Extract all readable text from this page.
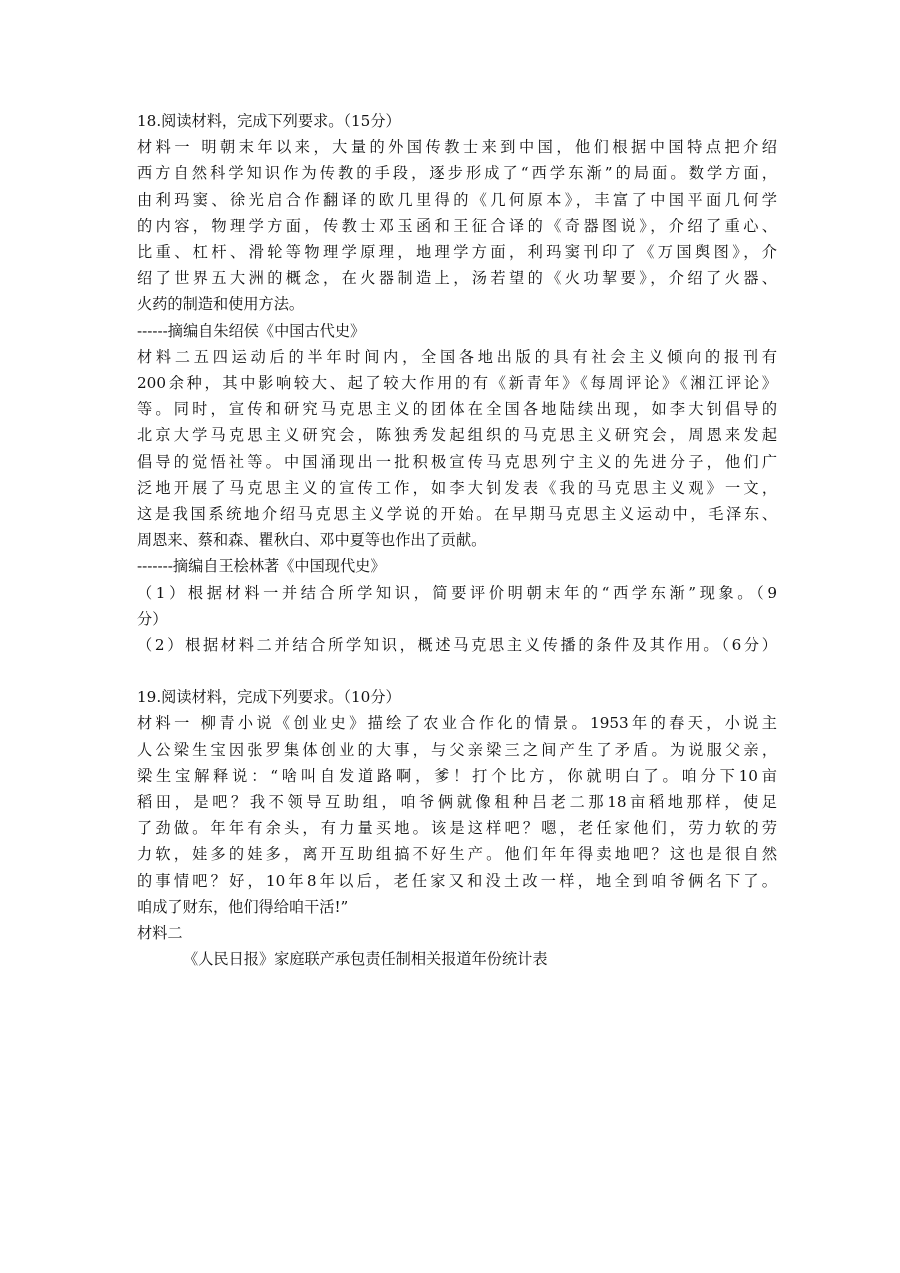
18.阅读材料，完成下列要求。（15分）
材料一 明朝末年以来，大量的外国传教士来到中国，他们根据中国特点把介绍
西方自然科学知识作为传教的手段，逐步形成了“西学东渐”的局面。数学方面，
由利玛窦、徐光启合作翻译的欧几里得的《几何原本》，丰富了中国平面几何学
的内容，物理学方面，传教士邓玉函和王征合译的《奇器图说》，介绍了重心、
比重、杠杆、滑轮等物理学原理，地理学方面，利玛窦刊印了《万国舆图》，介
绍了世界五大洲的概念，在火器制造上，汤若望的《火功挈要》，介绍了火器、
火药的制造和使用方法。
------摘编自朱绍侯《中国古代史》
材料二五四运动后的半年时间内，全国各地出版的具有社会主义倾向的报刊有
200余种，其中影响较大、起了较大作用的有《新青年》《每周评论》《湘江评论》
等。同时，宣传和研究马克思主义的团体在全国各地陆续出现，如李大钊倡导的
北京大学马克思主义研究会，陈独秀发起组织的马克思主义研究会，周恩来发起
倡导的觉悟社等。中国涌现出一批积极宣传马克思列宁主义的先进分子，他们广
泛地开展了马克思主义的宣传工作，如李大钊发表《我的马克思主义观》一文，
这是我国系统地介绍马克思主义学说的开始。在早期马克思主义运动中，毛泽东、
周恩来、蔡和森、瞿秋白、邓中夏等也作出了贡献。
-------摘编自王桧林著《中国现代史》
（1）根据材料一并结合所学知识，简要评价明朝末年的“西学东渐”现象。（9
分）
（2）根据材料二并结合所学知识，概述马克思主义传播的条件及其作用。（6分）
19.阅读材料，完成下列要求。（10分）
材料一 柳青小说《创业史》描绘了农业合作化的情景。1953年的春天，小说主
人公梁生宝因张罗集体创业的大事，与父亲梁三之间产生了矛盾。为说服父亲，
梁生宝解释说：“啥叫自发道路啊，爹！打个比方，你就明白了。咱分下10亩
稻田，是吧？我不领导互助组，咱爷俩就像租种吕老二那18亩稻地那样，使足
了劲做。年年有余头，有力量买地。该是这样吧？嗯，老任家他们，劳力软的劳
力软，娃多的娃多，离开互助组搞不好生产。他们年年得卖地吧？这也是很自然
的事情吧？好，10年8年以后，老任家又和没土改一样，地全到咱爷俩名下了。
咱成了财东，他们得给咱干活!”
材料二
《人民日报》家庭联产承包责任制相关报道年份统计表
